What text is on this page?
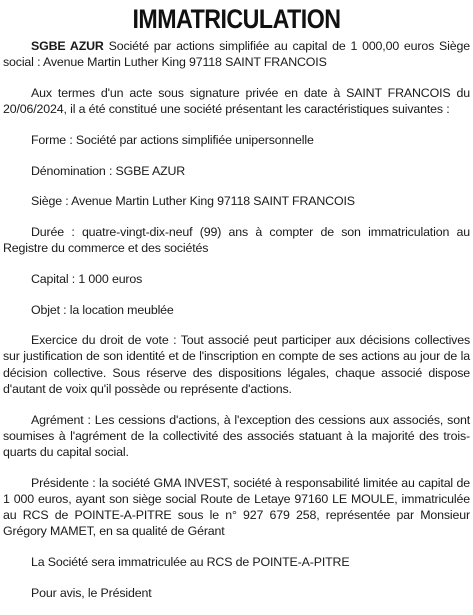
IMMATRICULATION

SGBE AZUR Société par actions simplifiée au capital de 1 000,00 euros Siège social : Avenue Martin Luther King 97118 SAINT FRANCOIS

Aux termes d'un acte sous signature privée en date à SAINT FRANCOIS du 20/06/2024, il a été constitué une société présentant les caractéristiques suivantes :

Forme : Société par actions simplifiée unipersonnelle

Dénomination : SGBE AZUR

Siège : Avenue Martin Luther King 97118 SAINT FRANCOIS

Durée : quatre-vingt-dix-neuf (99) ans à compter de son immatriculation au Registre du commerce et des sociétés

Capital : 1 000 euros

Objet : la location meublée

Exercice du droit de vote : Tout associé peut participer aux décisions collectives sur justification de son identité et de l'inscription en compte de ses actions au jour de la décision collective. Sous réserve des dispositions légales, chaque associé dispose d'autant de voix qu'il possède ou représente d'actions.

Agrément : Les cessions d'actions, à l'exception des cessions aux associés, sont soumises à l'agrément de la collectivité des associés statuant à la majorité des trois-quarts du capital social.

Présidente : la société GMA INVEST, société à responsabilité limitée au capital de 1 000 euros, ayant son siège social Route de Letaye 97160 LE MOULE, immatriculée au RCS de POINTE-A-PITRE sous le n° 927 679 258, représentée par Monsieur Grégory MAMET, en sa qualité de Gérant

La Société sera immatriculée au RCS de POINTE-A-PITRE

Pour avis, le Président
